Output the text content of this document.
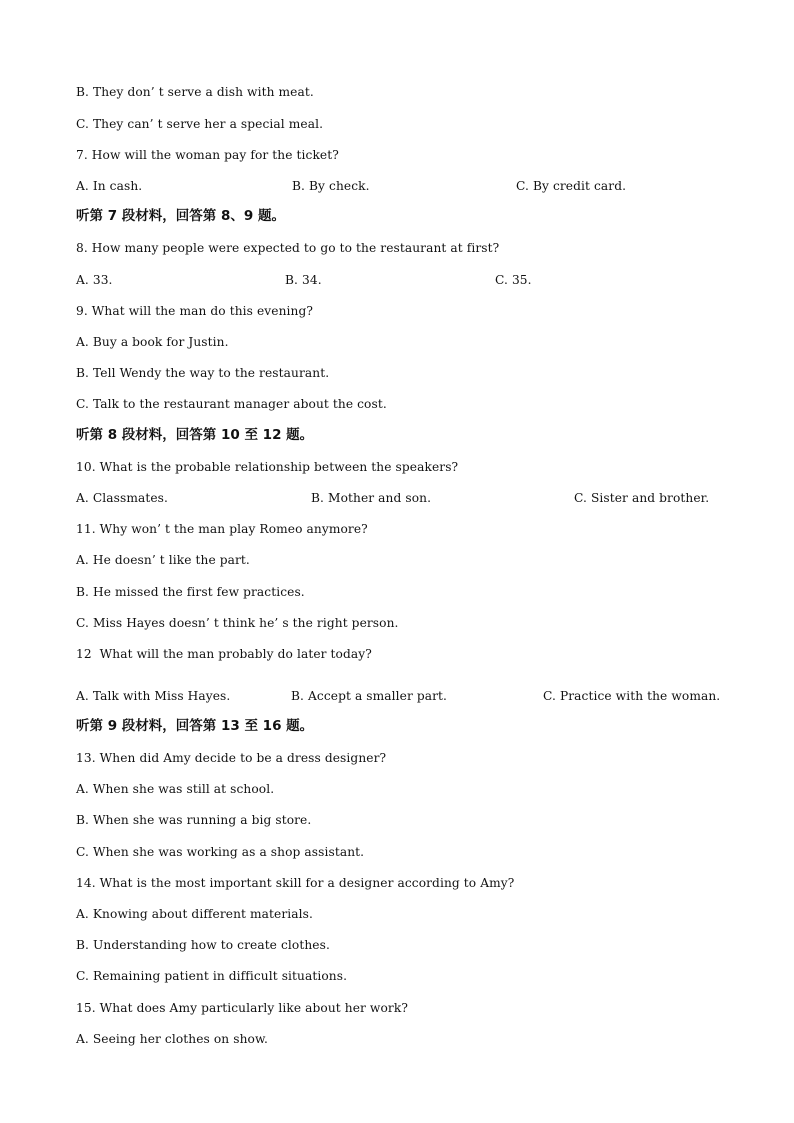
B. They don’ t serve a dish with meat.
C. They can’ t serve her a special meal.
7. How will the woman pay for the ticket?
A. In cash.	B. By check.	C. By credit card.
听第 7 段材料，回答第 8、9 题。
8. How many people were expected to go to the restaurant at first?
A. 33.	B. 34.	C. 35.
9. What will the man do this evening?
A. Buy a book for Justin.
B. Tell Wendy the way to the restaurant.
C. Talk to the restaurant manager about the cost.
听第 8 段材料，回答第 10 至 12 题。
10. What is the probable relationship between the speakers?
A. Classmates.	B. Mother and son.	C. Sister and brother.
11. Why won’ t the man play Romeo anymore?
A. He doesn’ t like the part.
B. He missed the first few practices.
C. Miss Hayes doesn’ t think he’ s the right person.
12  What will the man probably do later today?
A. Talk with Miss Hayes.	B. Accept a smaller part.	C. Practice with the woman.
听第 9 段材料，回答第 13 至 16 题。
13. When did Amy decide to be a dress designer?
A. When she was still at school.
B. When she was running a big store.
C. When she was working as a shop assistant.
14. What is the most important skill for a designer according to Amy?
A. Knowing about different materials.
B. Understanding how to create clothes.
C. Remaining patient in difficult situations.
15. What does Amy particularly like about her work?
A. Seeing her clothes on show.
